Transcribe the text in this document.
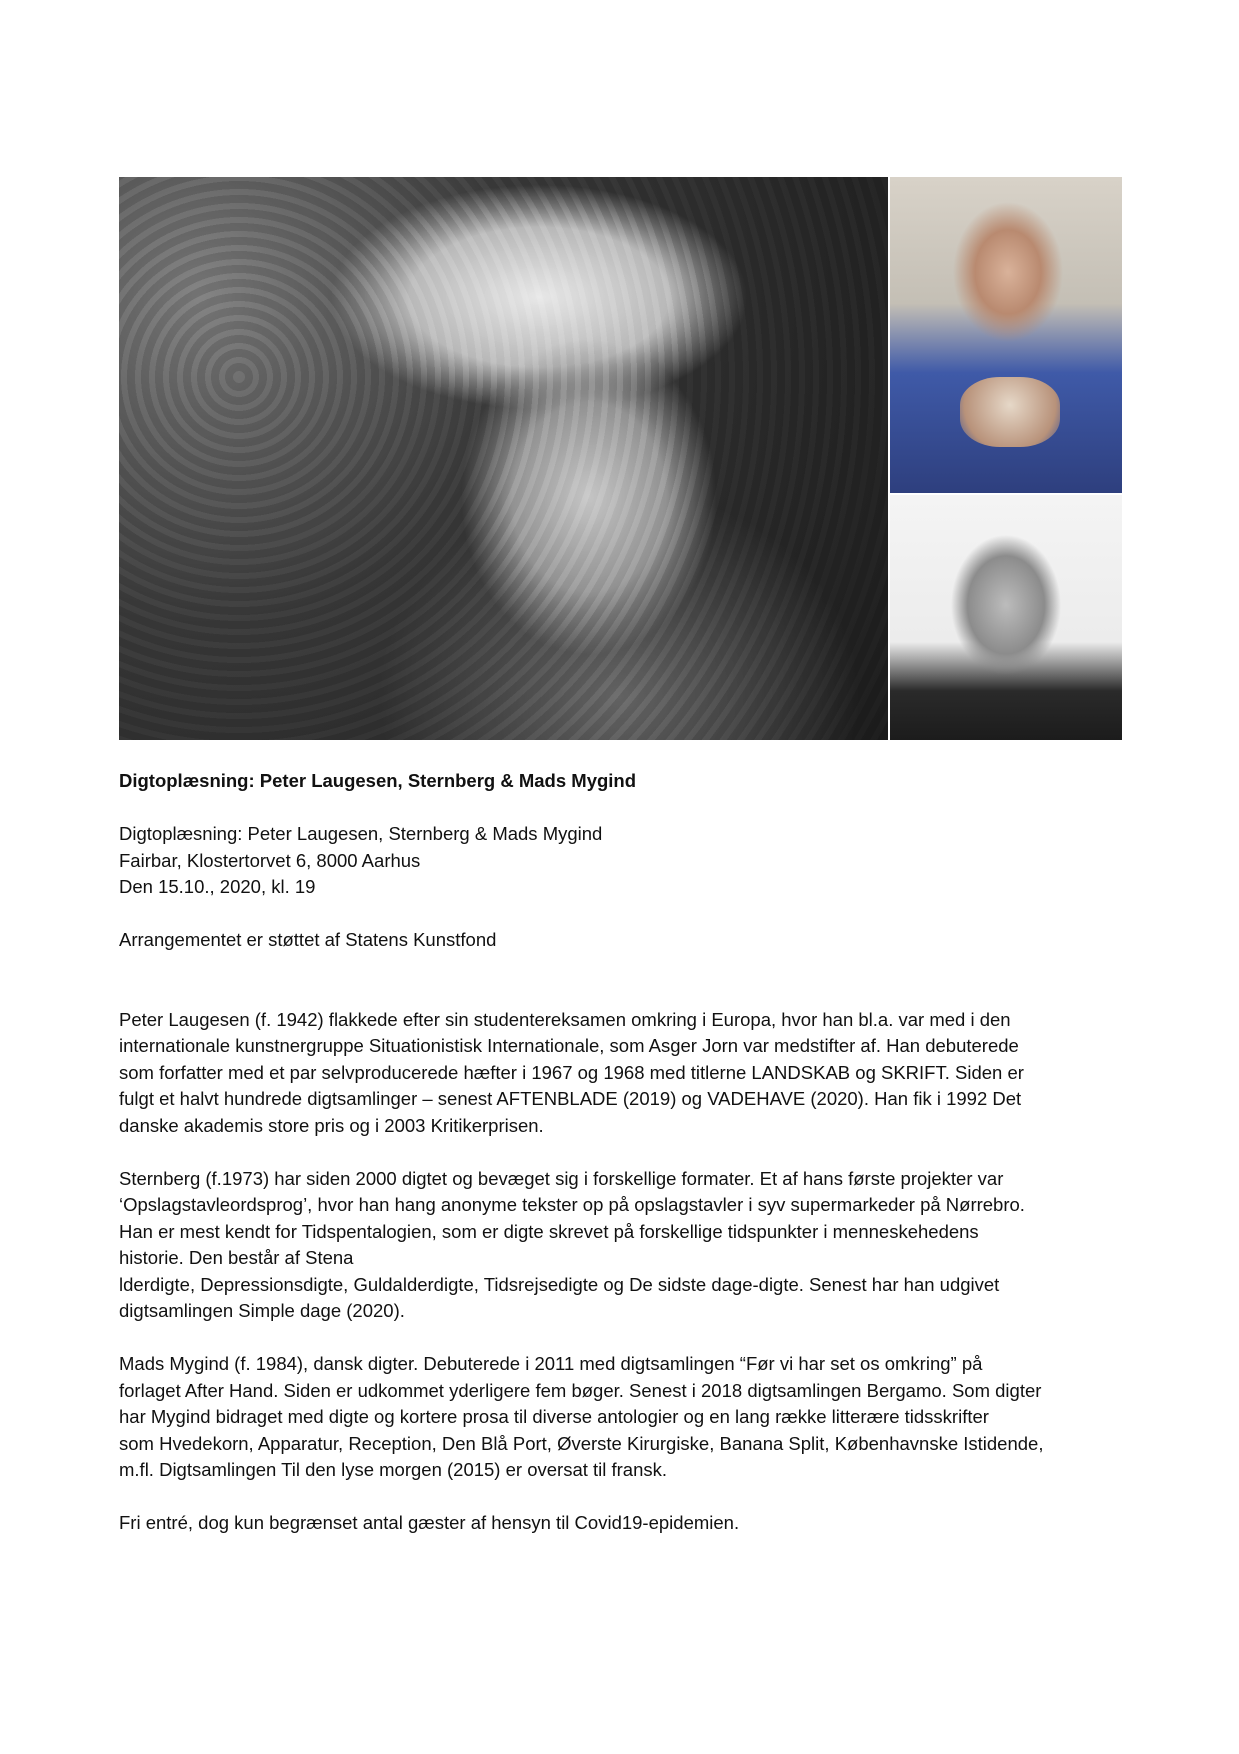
Digtoplæsning: Peter Laugesen, Sternberg & Mads Mygind

Digtoplæsning: Peter Laugesen, Sternberg & Mads Mygind
Fairbar, Klostertorvet 6, 8000 Aarhus
Den 15.10., 2020, kl. 19

Arrangementet er støttet af Statens Kunstfond

Peter Laugesen (f. 1942) flakkede efter sin studentereksamen omkring i Europa, hvor han bl.a. var med i den
internationale kunstnergruppe Situationistisk Internationale, som Asger Jorn var medstifter af. Han debuterede
som forfatter med et par selvproducerede hæfter i 1967 og 1968 med titlerne LANDSKAB og SKRIFT. Siden er
fulgt et halvt hundrede digtsamlinger – senest AFTENBLADE (2019) og VADEHAVE (2020). Han fik i 1992 Det
danske akademis store pris og i 2003 Kritikerprisen.
Sternberg (f.1973) har siden 2000 digtet og bevæget sig i forskellige formater. Et af hans første projekter var
‘Opslagstavleordsprog’, hvor han hang anonyme tekster op på opslagstavler i syv supermarkeder på Nørrebro.
Han er mest kendt for Tidspentalogien, som er digte skrevet på forskellige tidspunkter i menneskehedens
historie. Den består af Stena
lderdigte, Depressionsdigte, Guldalderdigte, Tidsrejsedigte og De sidste dage-digte. Senest har han udgivet
digtsamlingen Simple dage (2020).
Mads Mygind (f. 1984), dansk digter. Debuterede i 2011 med digtsamlingen “Før vi har set os omkring” på
forlaget After Hand. Siden er udkommet yderligere fem bøger. Senest i 2018 digtsamlingen Bergamo. Som digter
har Mygind bidraget med digte og kortere prosa til diverse antologier og en lang række litterære tidsskrifter
som Hvedekorn, Apparatur, Reception, Den Blå Port, Øverste Kirurgiske, Banana Split, Københavnske Istidende,
m.fl. Digtsamlingen Til den lyse morgen (2015) er oversat til fransk.

Fri entré, dog kun begrænset antal gæster af hensyn til Covid19-epidemien.
